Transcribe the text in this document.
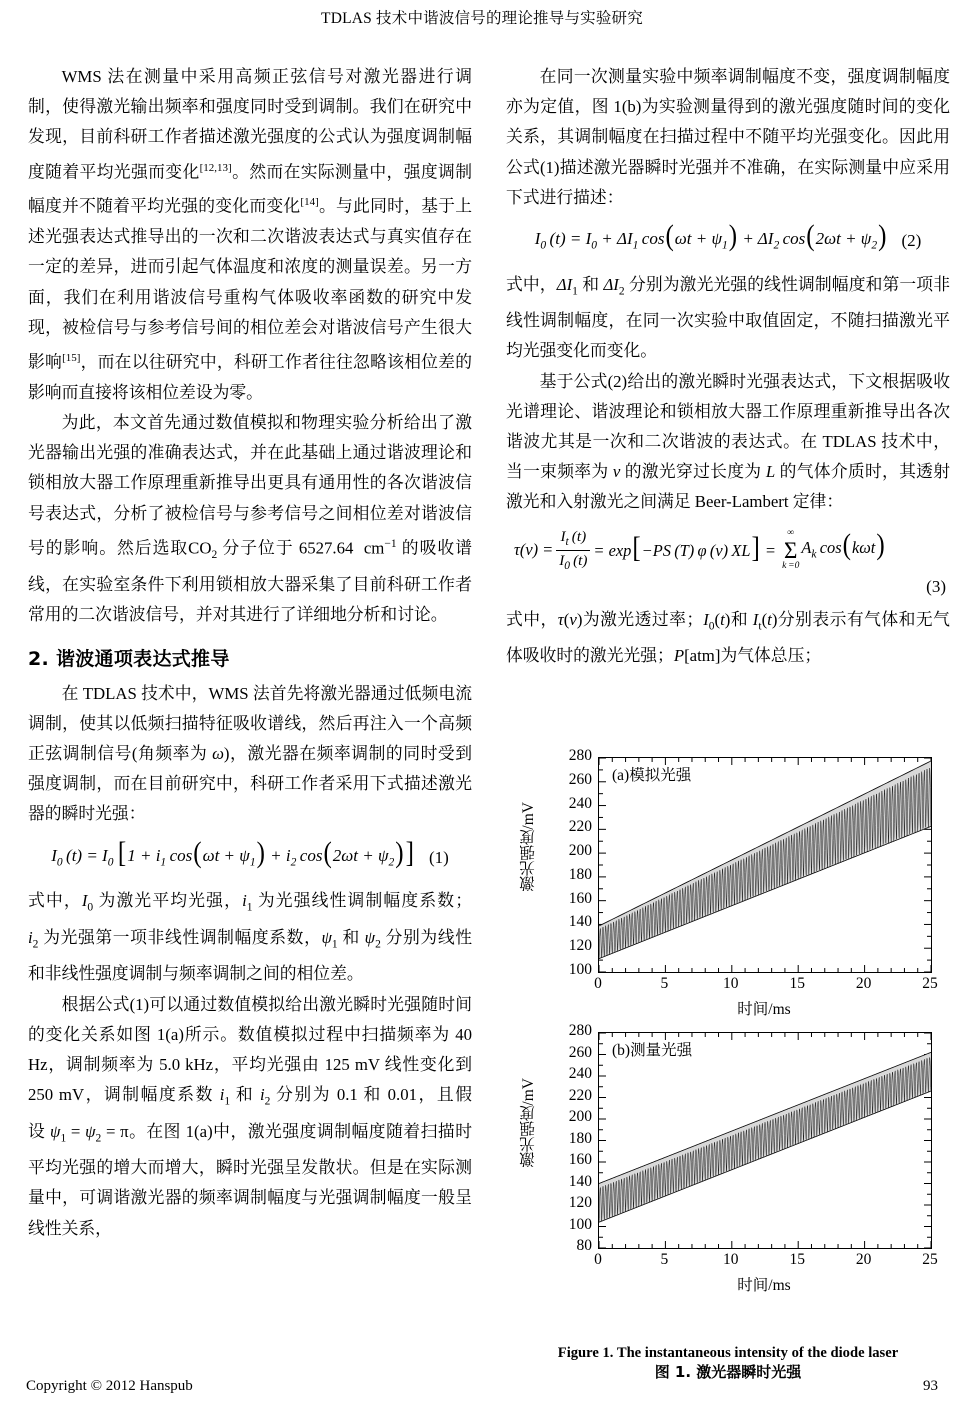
TDLAS 技术中谐波信号的理论推导与实验研究

WMS 法在测量中采用高频正弦信号对激光器进行调制，使得激光输出频率和强度同时受到调制。我们在研究中发现，目前科研工作者描述激光强度的公式认为强度调制幅度随着平均光强而变化[12,13]。然而在实际测量中，强度调制幅度并不随着平均光强的变化而变化[14]。与此同时，基于上述光强表达式推导出的一次和二次谐波表达式与真实值存在一定的差异，进而引起气体温度和浓度的测量误差。另一方面，我们在利用谐波信号重构气体吸收率函数的研究中发现，被检信号与参考信号间的相位差会对谐波信号产生很大影响[15]，而在以往研究中，科研工作者往往忽略该相位差的影响而直接将该相位差设为零。

为此，本文首先通过数值模拟和物理实验分析给出了激光器输出光强的准确表达式，并在此基础上通过谐波理论和锁相放大器工作原理重新推导出更具有通用性的各次谐波信号表达式，分析了被检信号与参考信号之间相位差对谐波信号的影响。然后选取$CO_2$ 分子位于 6527.64  $cm^{-1}$ 的吸收谱线，在实验室条件下利用锁相放大器采集了目前科研工作者常用的二次谐波信号，并对其进行了详细地分析和讨论。

2. 谐波通项表达式推导

在 TDLAS 技术中，WMS 法首先将激光器通过低频电流调制，使其以低频扫描特征吸收谱线，然后再注入一个高频正弦调制信号(角频率为 ω)，激光器在频率调制的同时受到强度调制，而在目前研究中，科研工作者采用下式描述激光器的瞬时光强：

$I_0$ $(t) = I_0$  [$1 + i_1$ $\cos(\omega t + \psi_1) + i_2$ $\cos(2\omega t + \psi_2)$] (1)

式中，$I_0$ 为激光平均光强，$i_1$ 为光强线性调制幅度系数；$i_2$ 为光强第一项非线性调制幅度系数，$\psi_1$ 和 $\psi_2$ 分别为线性和非线性强度调制与频率调制之间的相位差。

根据公式(1)可以通过数值模拟给出激光瞬时光强随时间的变化关系如图 1(a)所示。数值模拟过程中扫描频率为 40 Hz，调制频率为 5.0 kHz，平均光强由 125 mV 线性变化到 250 mV，调制幅度系数 $i_1$ 和 $i_2$ 分别为 0.1 和 0.01，且假设 $\psi_1 = \psi_2 = \pi$。在图 1(a)中，激光强度调制幅度随着扫描时平均光强的增大而增大，瞬时光强呈发散状。但是在实际测量中，可调谐激光器的频率调制幅度与光强调制幅度一般呈线性关系，

在同一次测量实验中频率调制幅度不变，强度调制幅度亦为定值，图 1(b)为实验测量得到的激光强度随时间的变化关系，其调制幅度在扫描过程中不随平均光强变化。因此用公式(1)描述激光器瞬时光强并不准确，在实际测量中应采用下式进行描述：

$I_0$ $(t) = I_0 + \Delta I_1$ $\cos(\omega t + \psi_1) + \Delta I_2$ $\cos(2\omega t + \psi_2)$ (2)

式中，$\Delta I_1$ 和 $\Delta I_2$ 分别为激光光强的线性调制幅度和第一项非线性调制幅度，在同一次实验中取值固定，不随扫描激光平均光强变化而变化。

基于公式(2)给出的激光瞬时光强表达式，下文根据吸收光谱理论、谐波理论和锁相放大器工作原理重新推导出各次谐波尤其是一次和二次谐波的表达式。在 TDLAS 技术中，当一束频率为 ν 的激光穿过长度为 L 的气体介质时，其透射激光和入射激光之间满足 Beer-Lambert 定律：

$\tau(\nu) = \frac{I_t (t)}{I_0 (t)} = \exp[-PS$ (T) φ (ν) XL] =
∞
Σ
k =0
$A_k$ cos(kωt)
(3)

式中，τ(ν)为激光透过率；$I_0(t)$和 $I_t(t)$分别表示有气体和无气体吸收时的激光光强；P[atm]为气体总压；

激光强度/mV
(a)模拟光强
时间/ms
100
120
140
160
180
200
220
240
260
280
0	5	10	15	20	25
激光强度/mV
(b)测量光强
时间/ms
80
100
120
140
160
180
200
220
240
260
280
0	5	10	15	20	25
Figure 1. The instantaneous intensity of the diode laser
图 1. 激光器瞬时光强
Copyright © 2012 Hanspub	93
